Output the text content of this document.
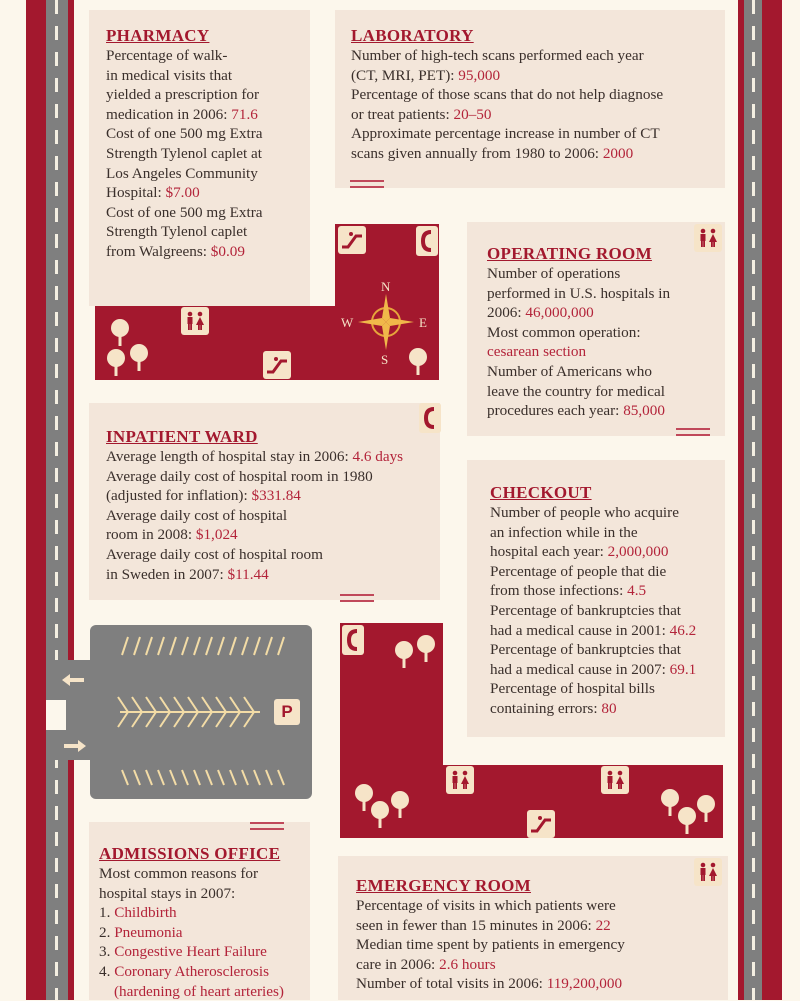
N
S
W	E
P
PHARMACY
Percentage of walk-
in medical visits that
yielded a prescription for
medication in 2006: 71.6
Cost of one 500 mg Extra
Strength Tylenol caplet at
Los Angeles Community
Hospital: $7.00
Cost of one 500 mg Extra
Strength Tylenol caplet
from Walgreens: $0.09
LABORATORY
Number of high-tech scans performed each year
(CT, MRI, PET): 95,000
Percentage of those scans that do not help diagnose
or treat patients: 20–50
Approximate percentage increase in number of CT
scans given annually from 1980 to 2006: 2000
OPERATING ROOM
Number of operations
performed in U.S. hospitals in
2006: 46,000,000
Most common operation:
cesarean section
Number of Americans who
leave the country for medical
procedures each year: 85,000
INPATIENT WARD
Average length of hospital stay in 2006: 4.6 days
Average daily cost of hospital room in 1980
(adjusted for inflation): $331.84
Average daily cost of hospital
room in 2008: $1,024
Average daily cost of hospital room
in Sweden in 2007: $11.44
CHECKOUT
Number of people who acquire
an infection while in the
hospital each year: 2,000,000
Percentage of people that die
from those infections: 4.5
Percentage of bankruptcies that
had a medical cause in 2001: 46.2
Percentage of bankruptcies that
had a medical cause in 2007: 69.1
Percentage of hospital bills
containing errors: 80
ADMISSIONS OFFICE
Most common reasons for
hospital stays in 2007:
1. Childbirth
2. Pneumonia
3. Congestive Heart Failure
4. Coronary Atherosclerosis
(hardening of heart arteries)
EMERGENCY ROOM
Percentage of visits in which patients were
seen in fewer than 15 minutes in 2006: 22
Median time spent by patients in emergency
care in 2006: 2.6 hours
Number of total visits in 2006: 119,200,000
